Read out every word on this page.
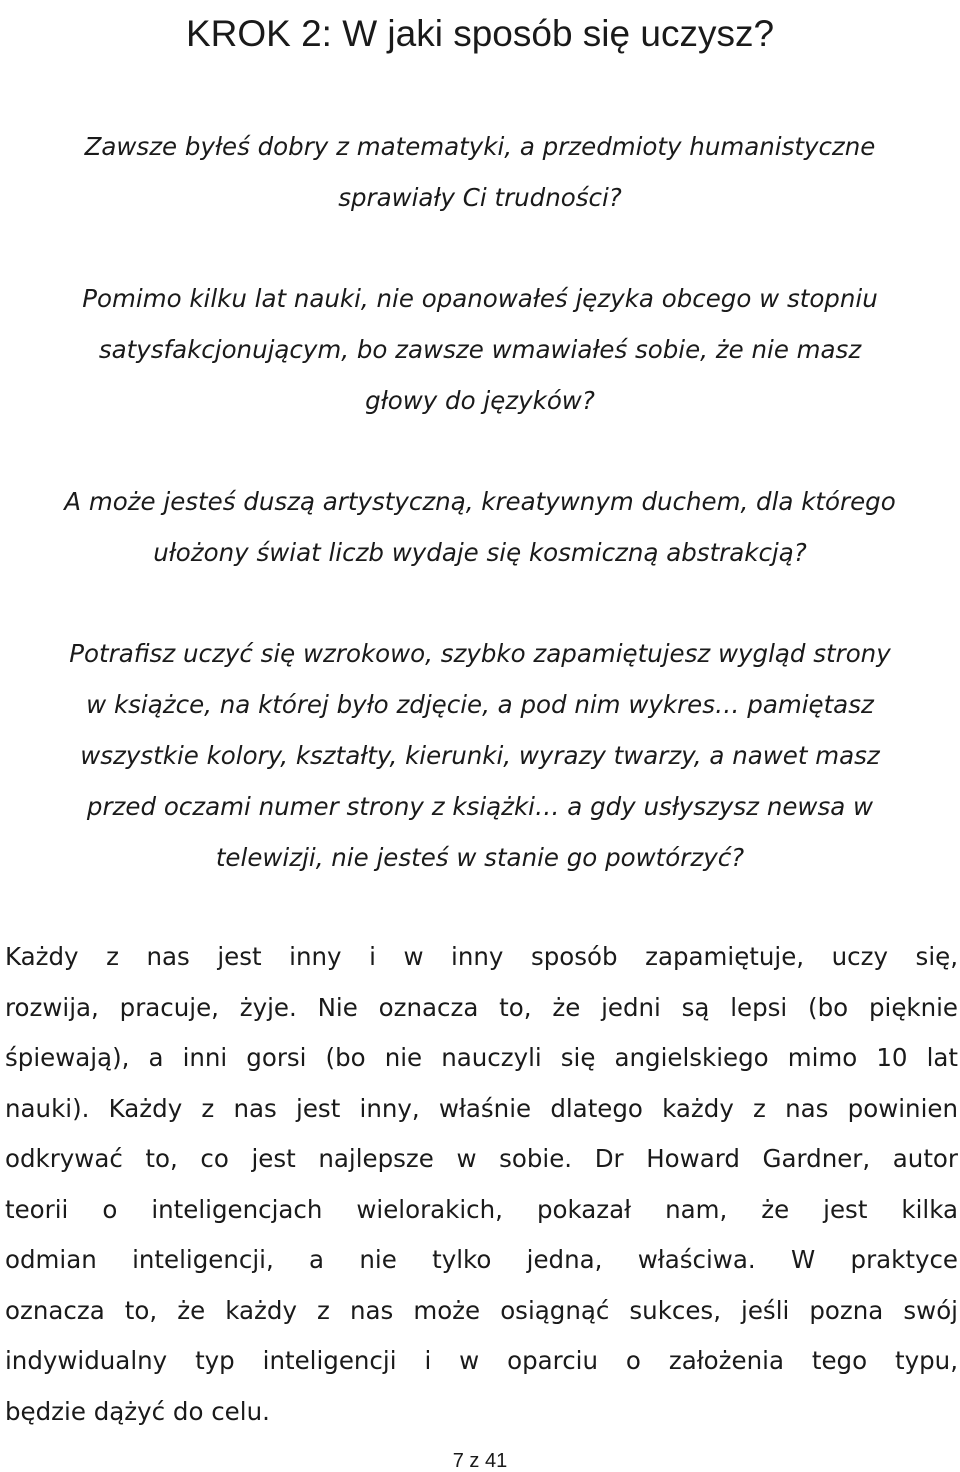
KROK 2: W jaki sposób się uczysz?

Zawsze byłeś dobry z matematyki, a przedmioty humanistyczne
sprawiały Ci trudności?

Pomimo kilku lat nauki, nie opanowałeś języka obcego w stopniu
satysfakcjonującym, bo zawsze wmawiałeś sobie, że nie masz
głowy do języków?

A może jesteś duszą artystyczną, kreatywnym duchem, dla którego
ułożony świat liczb wydaje się kosmiczną abstrakcją?

Potrafisz uczyć się wzrokowo, szybko zapamiętujesz wygląd strony
w książce, na której było zdjęcie, a pod nim wykres… pamiętasz
wszystkie kolory, kształty, kierunki, wyrazy twarzy, a nawet masz
przed oczami numer strony z książki… a gdy usłyszysz newsa w
telewizji, nie jesteś w stanie go powtórzyć?

Każdy z nas jest inny i w inny sposób zapamiętuje, uczy się,
rozwija, pracuje, żyje. Nie oznacza to, że jedni są lepsi (bo pięknie
śpiewają), a inni gorsi (bo nie nauczyli się angielskiego mimo 10 lat
nauki). Każdy z nas jest inny, właśnie dlatego każdy z nas powinien
odkrywać to, co jest najlepsze w sobie. Dr Howard Gardner, autor
teorii o inteligencjach wielorakich, pokazał nam, że jest kilka
odmian inteligencji, a nie tylko jedna, właściwa. W praktyce
oznacza to, że każdy z nas może osiągnąć sukces, jeśli pozna swój
indywidualny typ inteligencji i w oparciu o założenia tego typu,
będzie dążyć do celu.

7 z 41
